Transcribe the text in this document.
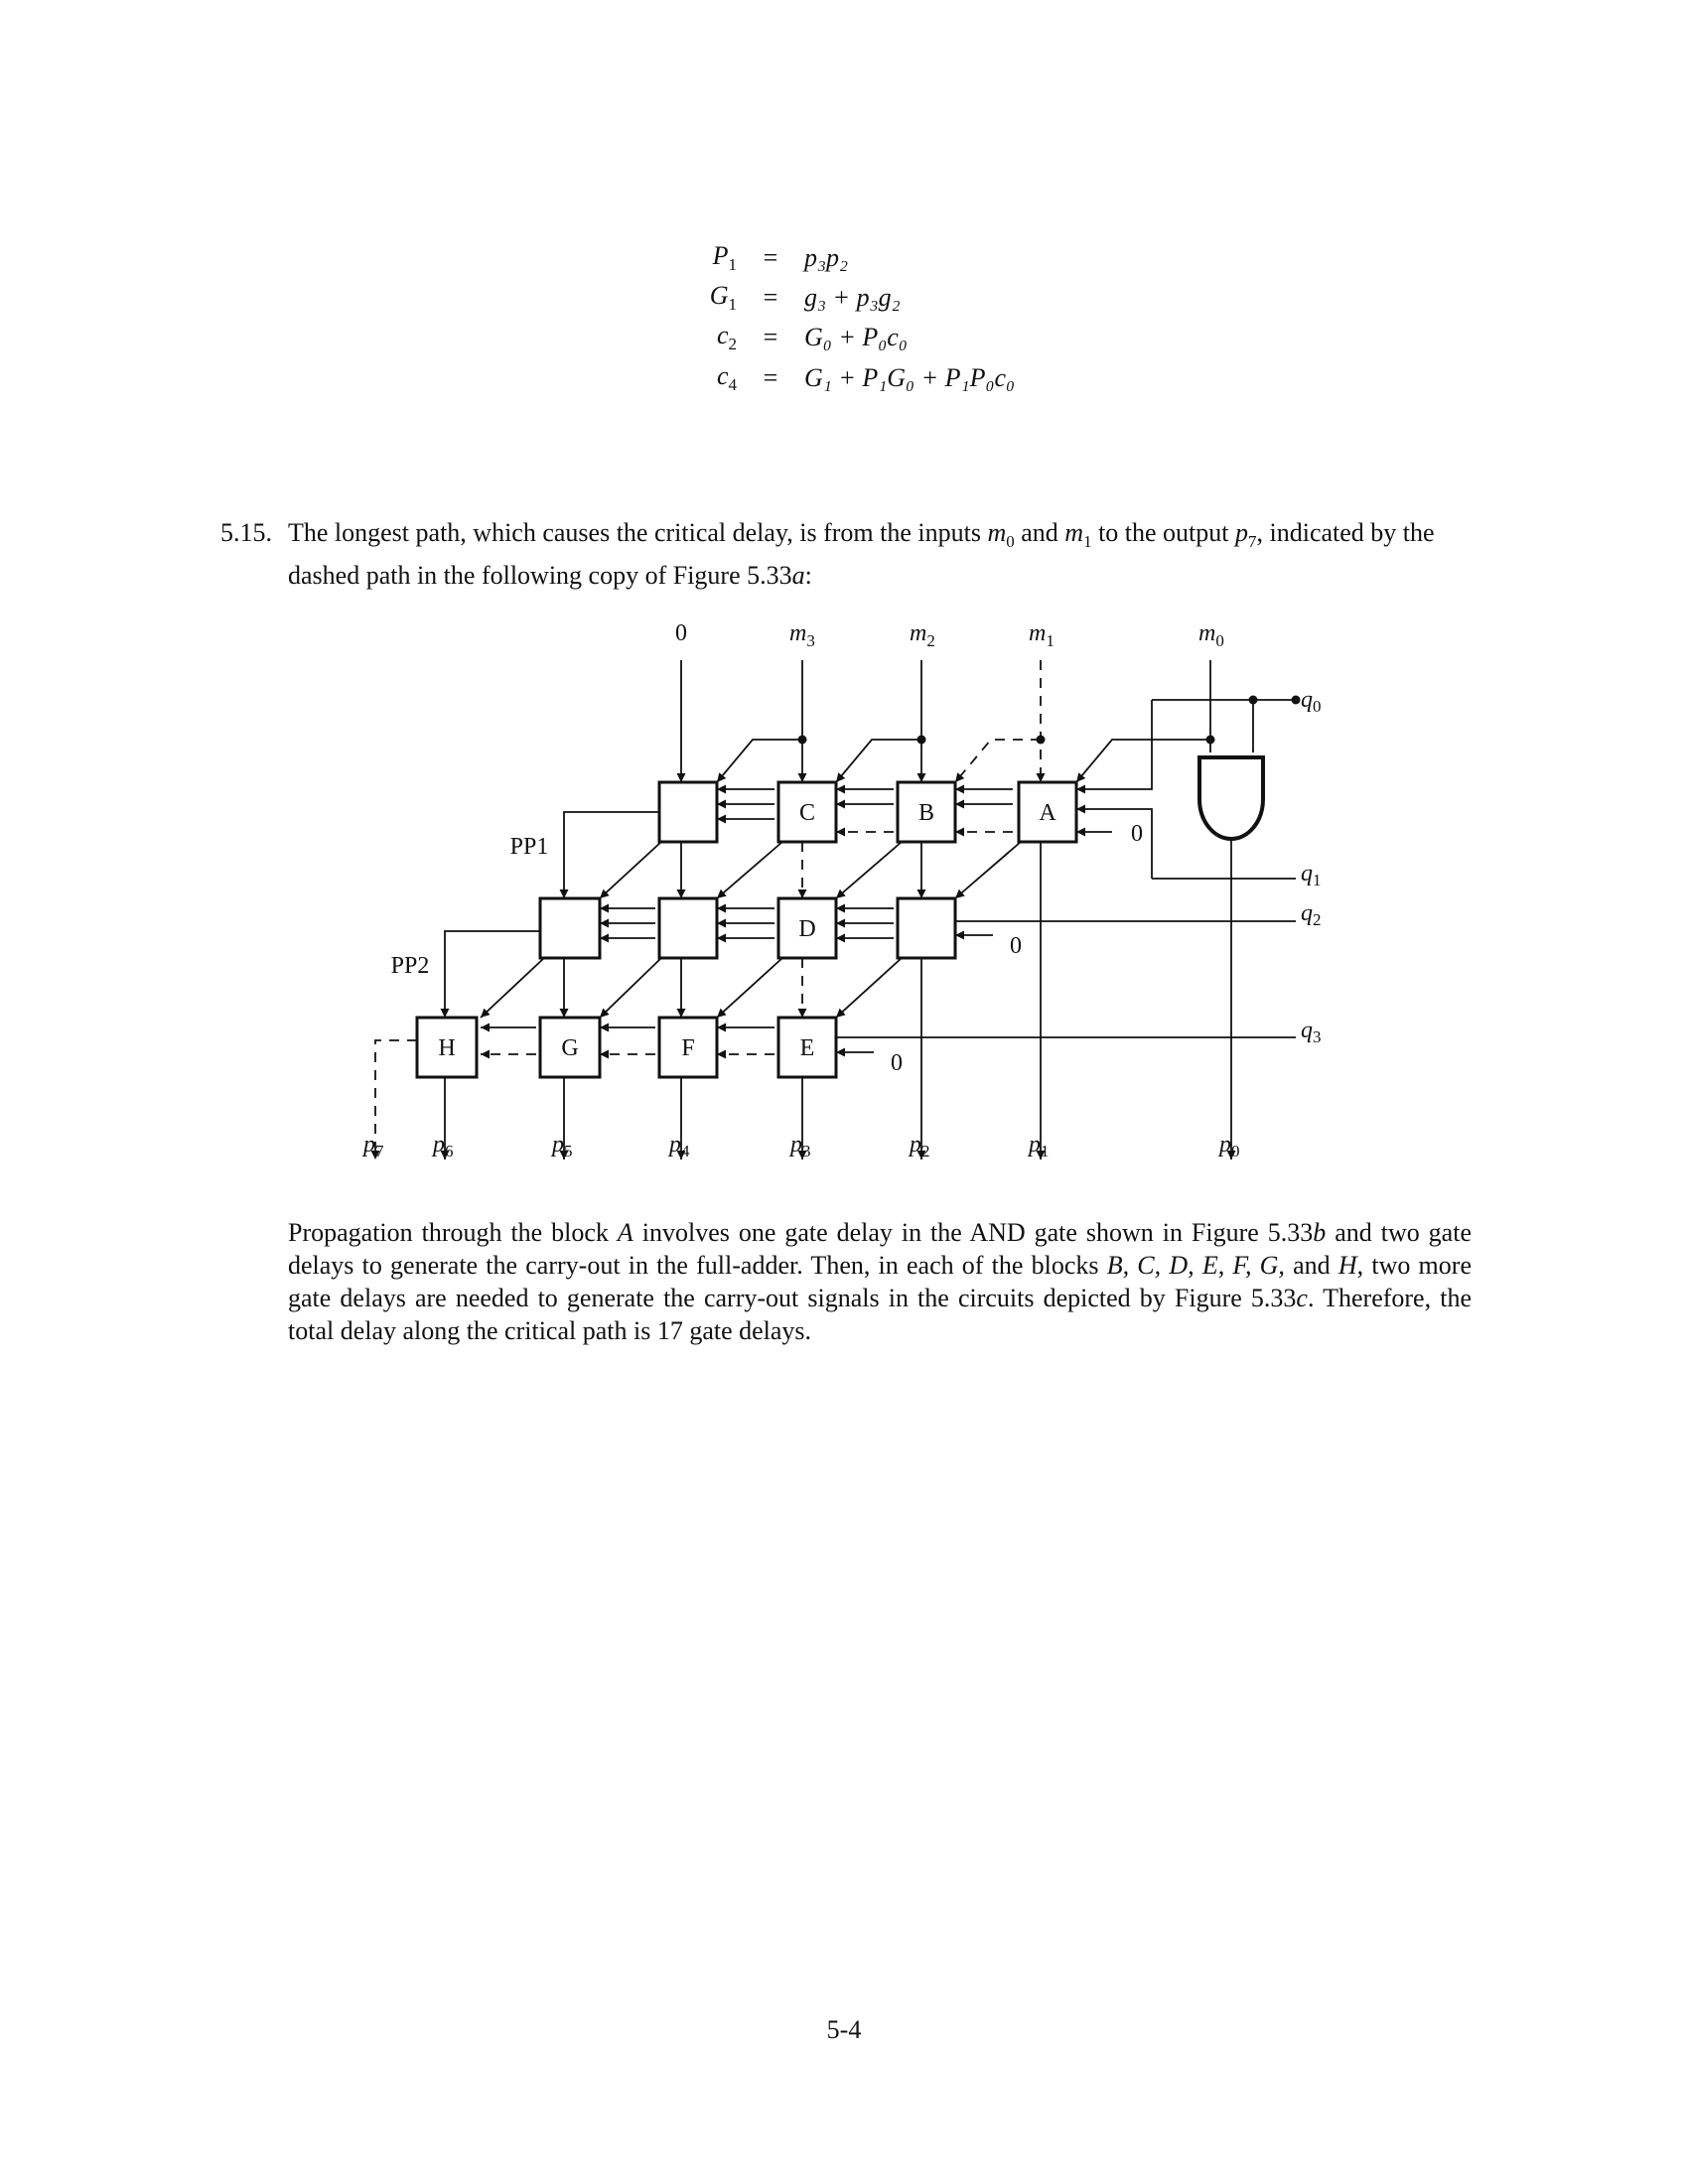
$P_1$	=	p₃p₂
$G_1$	=	g₃ + p₃g₂
$c_2$	=	G₀ + P₀c₀
$c_4$	=	G₁ + P₁G₀ + P₁P₀c₀
5.15. The longest path, which causes the critical delay, is from the inputs $m_0$ and $m_1$ to the output $p_7$, indicated by the dashed path in the following copy of Figure 5.33a:
C	B	A
D
E
F
G
H
0
0
0
0
PP1
PP2
$m_3$	$m_2$	$m_1$	$m_0$
$q_0$
$q_1$
$q_2$
$q_3$
$p_7$ $p_6$	$p_5$	$p_4$	$p_3$	$p_2$	$p_1$	$p_0$
Propagation through the block A involves one gate delay in the AND gate shown in Figure 5.33b and two gate delays to generate the carry-out in the full-adder. Then, in each of the blocks B, C, D, E, F, G, and H, two more gate delays are needed to generate the carry-out signals in the circuits depicted by Figure 5.33c. Therefore, the total delay along the critical path is 17 gate delays.
5-4
